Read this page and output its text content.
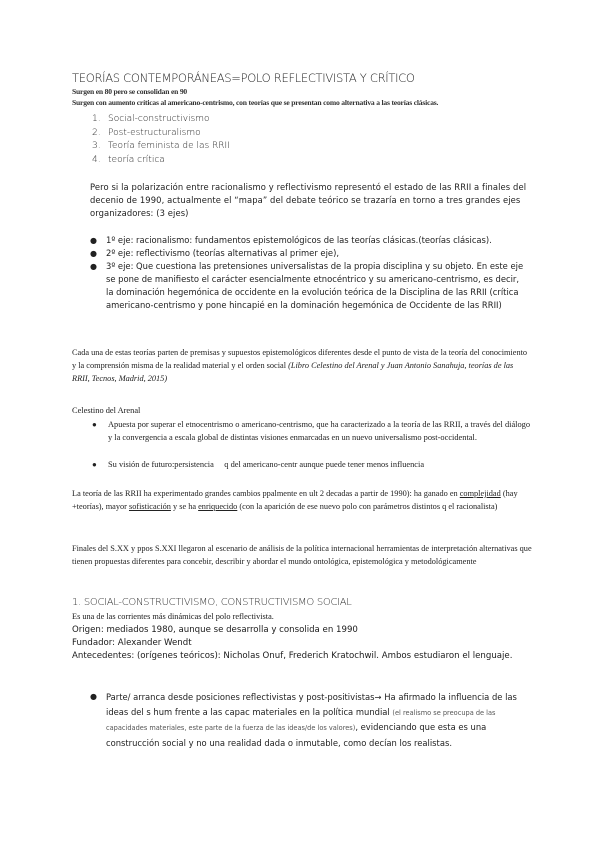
TEORÍAS CONTEMPORÁNEAS=POLO REFLECTIVISTA Y CRÍTICO
Surgen en 80 pero se consolidan en 90
Surgen con aumento críticas al americano-centrismo, con teorías que se presentan como alternativa a las teorías clásicas.
1. Social-constructivismo
2. Post-estructuralismo
3. Teoría feminista de las RRII
4. teoría crítica
Pero si la polarización entre racionalismo y reflectivismo representó el estado de las RRII a finales del decenio de 1990, actualmente el “mapa” del debate teórico se trazaría en torno a tres grandes ejes organizadores: (3 ejes)
● 1º eje: racionalismo: fundamentos epistemológicos de las teorías clásicas.(teorías clásicas).
● 2º eje: reflectivismo (teorías alternativas al primer eje),
● 3º eje: Que cuestiona las pretensiones universalistas de la propia disciplina y su objeto. En este eje se pone de manifiesto el carácter esencialmente etnocéntrico y su americano-centrismo, es decir, la dominación hegemónica de occidente en la evolución teórica de la Disciplina de las RRII (crítica americano-centrismo y pone hincapié en la dominación hegemónica de Occidente de las RRII)
Cada una de estas teorías parten de premisas y supuestos epistemológicos diferentes desde el punto de vista de la teoría del conocimiento y la comprensión misma de la realidad material y el orden social (Libro Celestino del Arenal y Juan Antonio Sanahuja, teorías de las RRII, Tecnos, Madrid, 2015)
Celestino del Arenal
● Apuesta por superar el etnocentrismo o americano-centrismo, que ha caracterizado a la teoría de las RRII, a través del diálogo y la convergencia a escala global de distintas visiones enmarcadas en un nuevo universalismo post-occidental.
● Su visión de futuro:persistencia     q del americano-centr aunque puede tener menos influencia
La teoría de las RRII ha experimentado grandes cambios ppalmente en ult 2 decadas a partir de 1990): ha ganado en complejidad (hay +teorías), mayor sofisticación y se ha enriquecido (con la aparición de ese nuevo polo con parámetros distintos q el racionalista)
Finales del S.XX y ppos S.XXI llegaron al escenario de análisis de la política internacional herramientas de interpretación alternativas que tienen propuestas diferentes para concebir, describir y abordar el mundo ontológica, epistemológica y metodológicamente
1. SOCIAL-CONSTRUCTIVISMO, CONSTRUCTIVISMO SOCIAL
Es una de las corrientes más dinámicas del polo reflectivista.
Origen: mediados 1980, aunque se desarrolla y consolida en 1990
Fundador: Alexander Wendt
Antecedentes: (orígenes teóricos): Nicholas Onuf, Frederich Kratochwil. Ambos estudiaron el lenguaje.
● Parte/ arranca desde posiciones reflectivistas y post-positivistas→ Ha afirmado la influencia de las ideas del s hum frente a las capac materiales en la política mundial (el realismo se preocupa de las capacidades materiales, este parte de la fuerza de las ideas/de los valores), evidenciando que esta es una construcción social y no una realidad dada o inmutable, como decían los realistas.
